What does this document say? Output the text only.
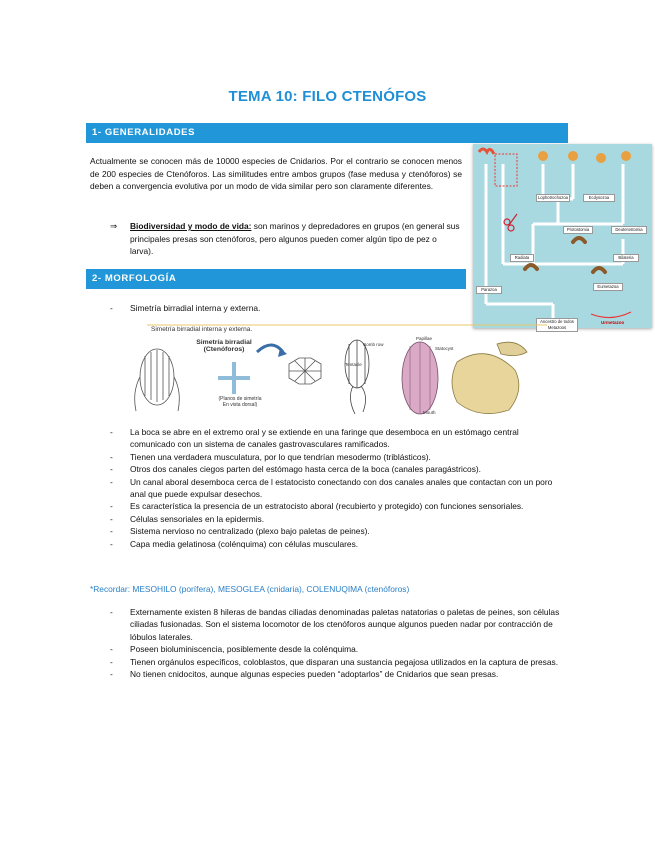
TEMA 10: FILO CTENÓFOS
1- GENERALIDADES
Actualmente se conocen más de 10000 especies de Cnidarios. Por el contrario se conocen menos de 200 especies de Ctenóforos. Las similitudes entre ambos grupos (fase medusa y ctenóforos) se deben a convergencia evolutiva por un modo de vida similar pero son claramente diferentes.
⇒ Biodiversidad y modo de vida: son marinos y depredadores en grupos (en general sus principales presas son ctenóforos, pero algunos pueden comer algún tipo de pez o larva).
Lophotrochozoa	Ecdysozoa
Protostomia	Deuterostomia
Radiata	Bilateria
Eumetazoa
Parazoa
Ancestro de todos Metazoos
Urmetazoo
2- MORFOLOGÍA
- Simetría birradial interna y externa.
Simetría birradial interna y externa.
Simetría birradial (Ctenóforos)
(Planos de simetría En vista dorsal)
Comb row
Tentacle
Papillae
Statocyst
Mouth
- La boca se abre en el extremo oral y se extiende en una faringe que desemboca en un estómago central comunicado con un sistema de canales gastrovasculares ramificados.
- Tienen una verdadera musculatura, por lo que tendrían mesodermo (triblásticos).
- Otros dos canales ciegos parten del estómago hasta cerca de la boca (canales paragástricos).
- Un canal aboral desemboca cerca de l estatocisto conectando con dos canales anales que contactan con un poro anal que puede expulsar desechos.
- Es característica la presencia de un estratocisto aboral (recubierto y protegido) con funciones sensoriales.
- Células sensoriales en la epidermis.
- Sistema nervioso no centralizado (plexo bajo paletas de peines).
- Capa media gelatinosa (colénquima) con células musculares.
*Recordar: MESOHILO (porífera), MESOGLEA (cnidaria), COLENUQIMA (ctenóforos)
- Externamente existen 8 hileras de bandas ciliadas denominadas paletas natatorias o paletas de peines, son células ciliadas fusionadas. Son el sistema locomotor de los ctenóforos aunque algunos pueden nadar por contracción de lóbulos laterales.
- Poseen bioluminiscencia, posiblemente desde la colénquima.
- Tienen orgánulos específicos, coloblastos, que disparan una sustancia pegajosa utilizados en la captura de presas.
- No tienen cnidocitos, aunque algunas especies pueden “adoptarlos” de Cnidarios que sean presas.
